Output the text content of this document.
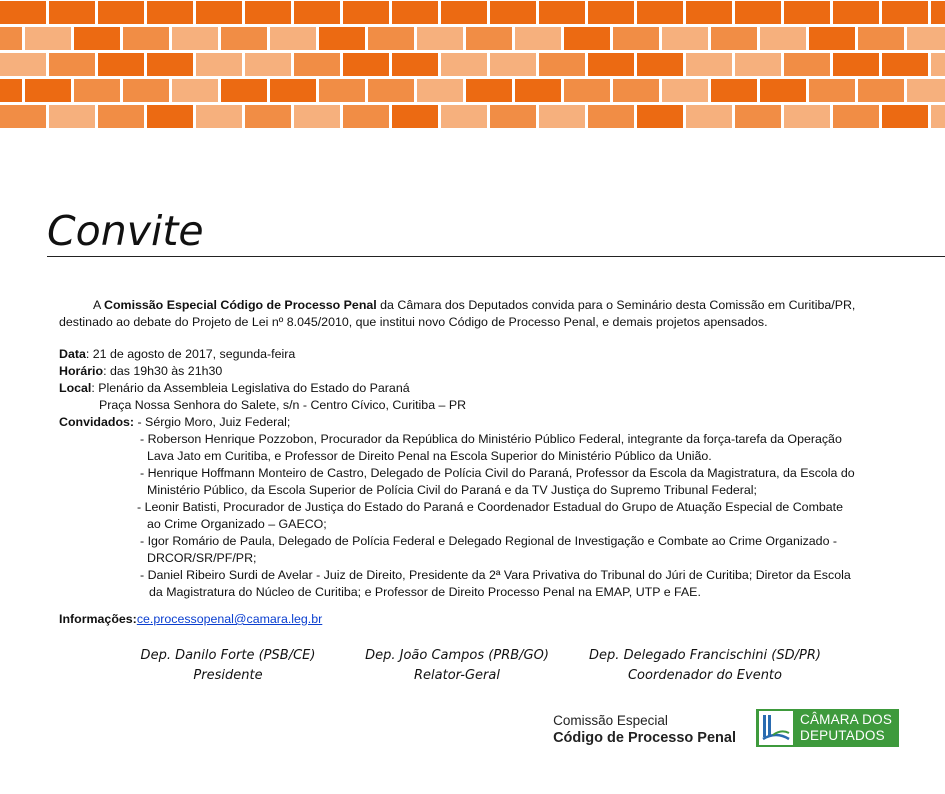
Convite

A Comissão Especial Código de Processo Penal da Câmara dos Deputados convida para o Seminário desta Comissão em Curitiba/PR,

destinado ao debate do Projeto de Lei nº 8.045/2010, que institui novo Código de Processo Penal, e demais projetos apensados.

Data: 21 de agosto de 2017, segunda-feira

Horário: das 19h30 às 21h30

Local: Plenário da Assembleia Legislativa do Estado do Paraná

Praça Nossa Senhora do Salete, s/n - Centro Cívico, Curitiba – PR

Convidados: - Sérgio Moro, Juiz Federal;

- Roberson Henrique Pozzobon, Procurador da República do Ministério Público Federal, integrante da força-tarefa da Operação

Lava Jato em Curitiba, e Professor de Direito Penal na Escola Superior do Ministério Público da União.

- Henrique Hoffmann Monteiro de Castro, Delegado de Polícia Civil do Paraná, Professor da Escola da Magistratura, da Escola do

Ministério Público, da Escola Superior de Polícia Civil do Paraná e da TV Justiça do Supremo Tribunal Federal;

- Leonir Batisti, Procurador de Justiça do Estado do Paraná e Coordenador Estadual do Grupo de Atuação Especial de Combate

ao Crime Organizado – GAECO;

- Igor Romário de Paula, Delegado de Polícia Federal e Delegado Regional de Investigação e Combate ao Crime Organizado -

DRCOR/SR/PF/PR;

- Daniel Ribeiro Surdi de Avelar - Juiz de Direito, Presidente da 2ª Vara Privativa do Tribunal do Júri de Curitiba; Diretor da Escola

da Magistratura do Núcleo de Curitiba; e Professor de Direito Processo Penal na EMAP, UTP e FAE.

Informações:ce.processopenal@camara.leg.br

Dep. Danilo Forte (PSB/CE)
Presidente
Dep. João Campos (PRB/GO)
Relator-Geral
Dep. Delegado Francischini (SD/PR)
Coordenador do Evento
Comissão Especial
Código de Processo Penal
CÂMARA DOS
DEPUTADOS
